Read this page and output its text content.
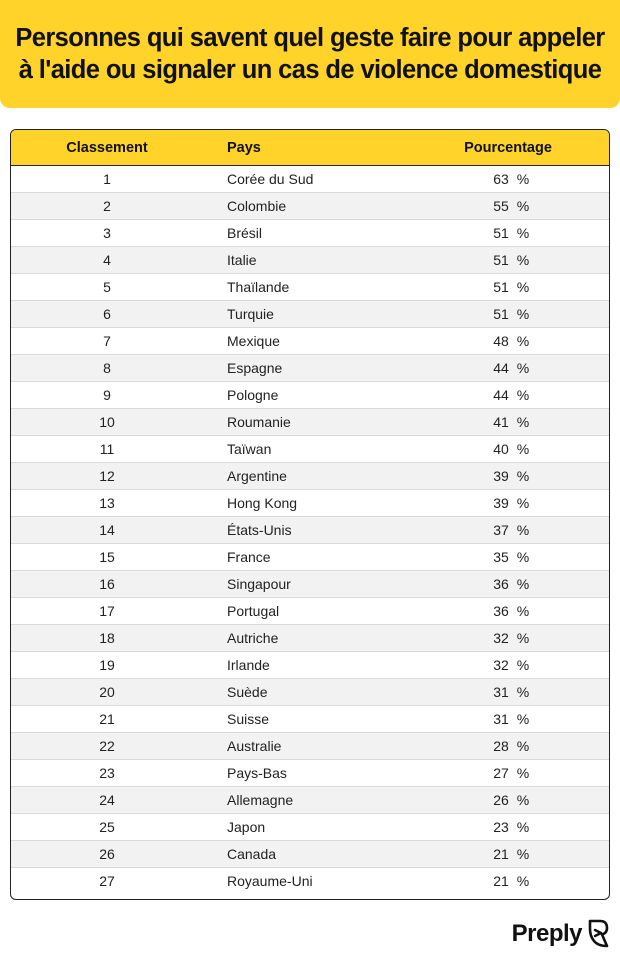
Personnes qui savent quel geste faire pour appeler à l'aide ou signaler un cas de violence domestique
Classement	Pays	Pourcentage
1	Corée du Sud	63 %
2	Colombie	55 %
3	Brésil	51 %
4	Italie	51 %
5	Thaïlande	51 %
6	Turquie	51 %
7	Mexique	48 %
8	Espagne	44 %
9	Pologne	44 %
10	Roumanie	41 %
11	Taïwan	40 %
12	Argentine	39 %
13	Hong Kong	39 %
14	États-Unis	37 %
15	France	35 %
16	Singapour	36 %
17	Portugal	36 %
18	Autriche	32 %
19	Irlande	32 %
20	Suède	31 %
21	Suisse	31 %
22	Australie	28 %
23	Pays-Bas	27 %
24	Allemagne	26 %
25	Japon	23 %
26	Canada	21 %
27	Royaume-Uni	21 %
Preply
